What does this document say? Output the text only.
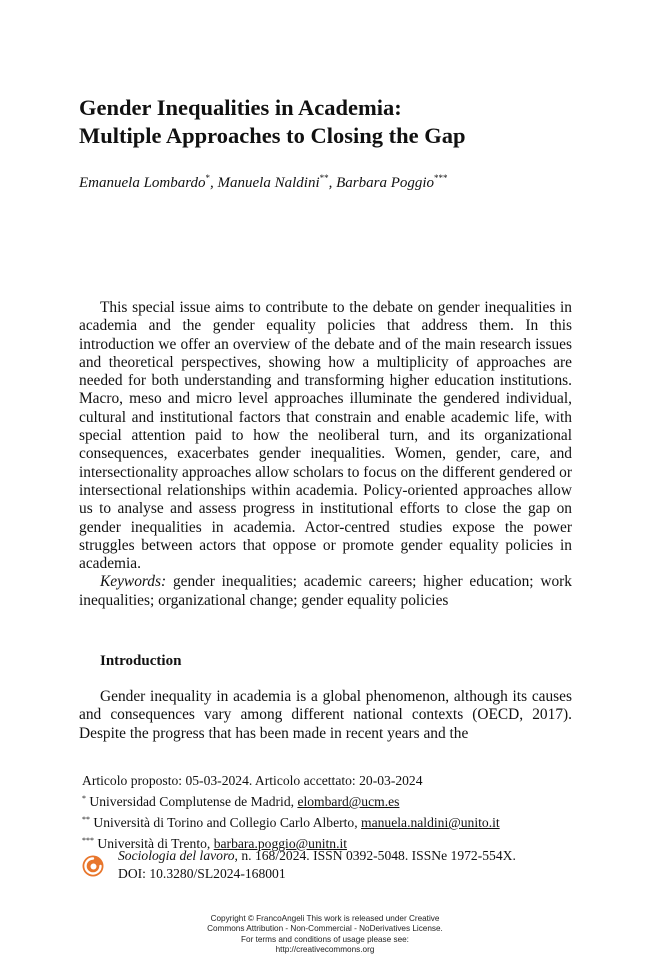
Gender Inequalities in Academia:
Multiple Approaches to Closing the Gap
Emanuela Lombardo*, Manuela Naldini**, Barbara Poggio***

This special issue aims to contribute to the debate on gender inequalities in academia and the gender equality policies that address them. In this introduction we offer an overview of the debate and of the main research issues and theoretical perspectives, showing how a multiplicity of approaches are needed for both understanding and transforming higher education institutions. Macro, meso and micro level approaches illuminate the gendered individual, cultural and institutional factors that constrain and enable academic life, with special attention paid to how the neoliberal turn, and its organizational consequences, exacerbates gender inequalities. Women, gender, care, and intersectionality approaches allow scholars to focus on the different gendered or intersectional relationships within academia. Policy-oriented approaches allow us to analyse and assess progress in institutional efforts to close the gap on gender inequalities in academia. Actor-centred studies expose the power struggles between actors that oppose or promote gender equality policies in academia.

Keywords: gender inequalities; academic careers; higher education; work inequalities; organizational change; gender equality policies

Introduction

Gender inequality in academia is a global phenomenon, although its causes and consequences vary among different national contexts (OECD, 2017). Despite the progress that has been made in recent years and the

Articolo proposto: 05-03-2024. Articolo accettato: 20-03-2024
* Universidad Complutense de Madrid, elombard@ucm.es
** Università di Torino and Collegio Carlo Alberto, manuela.naldini@unito.it
*** Università di Trento, barbara.poggio@unitn.it
Sociologia del lavoro, n. 168/2024. ISSN 0392-5048. ISSNe 1972-554X.
DOI: 10.3280/SL2024-168001
Copyright © FrancoAngeli This work is released under Creative
Commons Attribution - Non-Commercial - NoDerivatives License.
For terms and conditions of usage please see:
http://creativecommons.org
